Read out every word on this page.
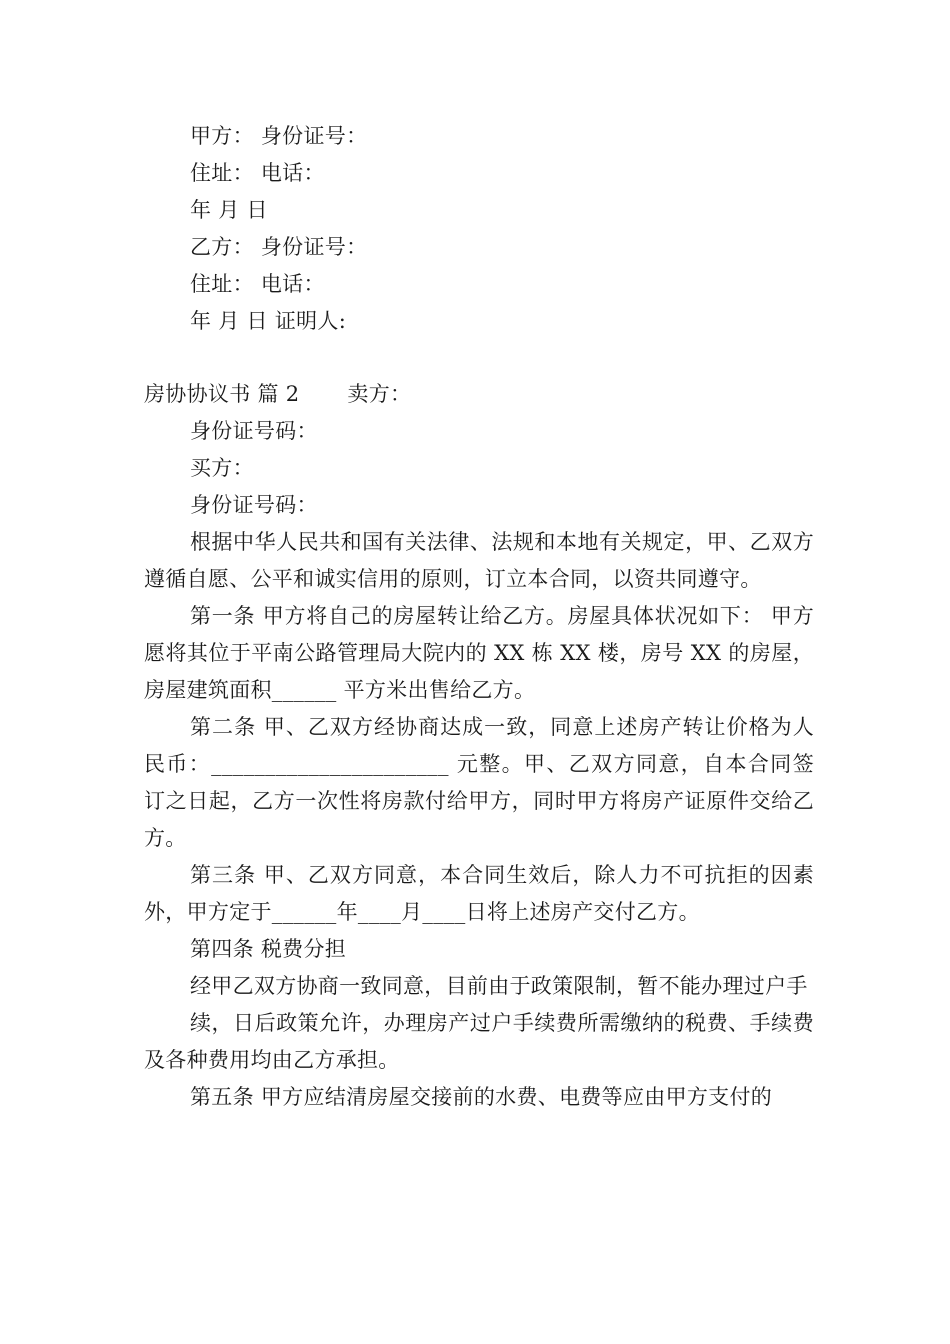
甲方： 身份证号：
住址： 电话：
年 月 日
乙方： 身份证号：
住址： 电话：
年 月 日 证明人:
房协协议书 篇 2 卖方：
身份证号码：
买方：
身份证号码：
根据中华人民共和国有关法律、法规和本地有关规定，甲、乙双方遵循自愿、公平和诚实信用的原则，订立本合同，以资共同遵守。
第一条 甲方将自己的房屋转让给乙方。房屋具体状况如下： 甲方愿将其位于平南公路管理局大院内的 XX 栋 XX 楼，房号 XX 的房屋，房屋建筑面积______ 平方米出售给乙方。
第二条 甲、乙双方经协商达成一致，同意上述房产转让价格为人民币：______________________ 元整。甲、乙双方同意，自本合同签订之日起，乙方一次性将房款付给甲方，同时甲方将房产证原件交给乙方。
第三条 甲、乙双方同意，本合同生效后，除人力不可抗拒的因素外，甲方定于______年____月____日将上述房产交付乙方。
第四条 税费分担
经甲乙双方协商一致同意，目前由于政策限制，暂不能办理过户手
续，日后政策允许，办理房产过户手续费所需缴纳的税费、手续费及各种费用均由乙方承担。
第五条 甲方应结清房屋交接前的水费、电费等应由甲方支付的
